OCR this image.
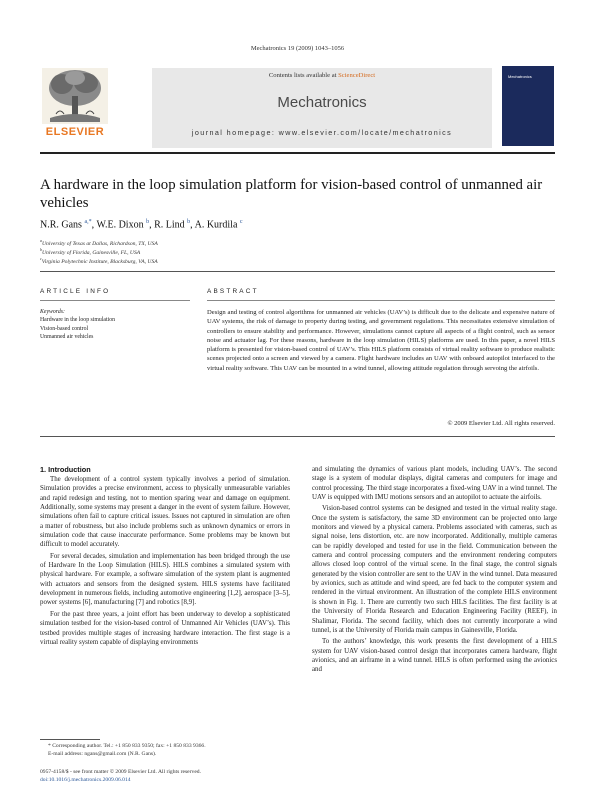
Mechatronics 19 (2009) 1043–1056
Contents lists available at ScienceDirect
Mechatronics
journal homepage: www.elsevier.com/locate/mechatronics
ELSEVIER
Mechatronics
A hardware in the loop simulation platform for vision-based control of unmanned air vehicles
N.R. Gans $^{a,*}$, W.E. Dixon $^b$, R. Lind $^b$, A. Kurdila $^c$
$^a$University of Texas at Dallas, Richardson, TX, USA
$^b$University of Florida, Gainesville, FL, USA
$^c$Virginia Polytechnic Institute, Blacksburg, VA, USA
ARTICLE INFO	ABSTRACT
Keywords:
Hardware in the loop simulation
Vision-based control
Unmanned air vehicles
Design and testing of control algorithms for unmanned air vehicles (UAV’s) is difficult due to the delicate and expensive nature of UAV systems, the risk of damage to property during testing, and government regulations. This necessitates extensive simulation of controllers to ensure stability and performance. However, simulations cannot capture all aspects of a flight control, such as sensor noise and actuator lag. For these reasons, hardware in the loop simulation (HILS) platforms are used. In this paper, a novel HILS platform is presented for vision-based control of UAV’s. This HILS platform consists of virtual reality software to produce realistic scenes projected onto a screen and viewed by a camera. Flight hardware includes an UAV with onboard autopilot interfaced to the virtual reality software. This UAV can be mounted in a wind tunnel, allowing attitude regulation through servoing the airfoils.
© 2009 Elsevier Ltd. All rights reserved.
1. Introduction

The development of a control system typically involves a period of simulation. Simulation provides a precise environment, access to physically unmeasurable variables and rapid redesign and testing, not to mention sparing wear and damage on equipment. Additionally, some systems may present a danger in the event of system failure. However, simulations often fail to capture critical issues. Issues not captured in simulation are often a matter of robustness, but also include problems such as unknown dynamics or errors in simulation code that cause inaccurate performance. Some problems may be known but difficult to model accurately.

For several decades, simulation and implementation has been bridged through the use of Hardware In the Loop Simulation (HILS). HILS combines a simulated system with physical hardware. For example, a software simulation of the system plant is augmented with actuators and sensors from the designed system. HILS systems have facilitated development in numerous fields, including automotive engineering [1,2], aerospace [3–5], power systems [6], manufacturing [7] and robotics [8,9].

For the past three years, a joint effort has been underway to develop a sophisticated simulation testbed for the vision-based control of Unmanned Air Vehicles (UAV’s). This testbed provides multiple stages of increasing hardware interaction. The first stage is a virtual reality system capable of displaying environments

and simulating the dynamics of various plant models, including UAV’s. The second stage is a system of modular displays, digital cameras and computers for image and control processing. The third stage incorporates a fixed-wing UAV in a wind tunnel. The UAV is equipped with IMU motions sensors and an autopilot to actuate the airfoils.

Vision-based control systems can be designed and tested in the virtual reality stage. Once the system is satisfactory, the same 3D environment can be projected onto large monitors and viewed by a physical camera. Problems associated with cameras, such as signal noise, lens distortion, etc. are now incorporated. Additionally, multiple cameras can be rapidly developed and tested for use in the field. Communication between the camera and control processing computers and the environment rendering computers allows closed loop control of the virtual scene. In the final stage, the control signals generated by the vision controller are sent to the UAV in the wind tunnel. Data measured by avionics, such as attitude and wind speed, are fed back to the computer system and rendered in the virtual environment. An illustration of the complete HILS environment is shown in Fig. 1. There are currently two such HILS facilities. The first facility is at the University of Florida Research and Education Engineering Facility (REEF), in Shalimar, Florida. The second facility, which does not currently incorporate a wind tunnel, is at the University of Florida main campus in Gainesville, Florida.

To the authors’ knowledge, this work presents the first development of a HILS system for UAV vision-based control design that incorporates camera hardware, flight avionics, and an airframe in a wind tunnel. HILS is often performed using the avionics and

* Corresponding author. Tel.: +1 850 833 9350; fax: +1 850 833 9366.
E-mail address: ngans@gmail.com (N.R. Gans).
0957-4158/$ - see front matter © 2009 Elsevier Ltd. All rights reserved.
doi:10.1016/j.mechatronics.2009.06.014
